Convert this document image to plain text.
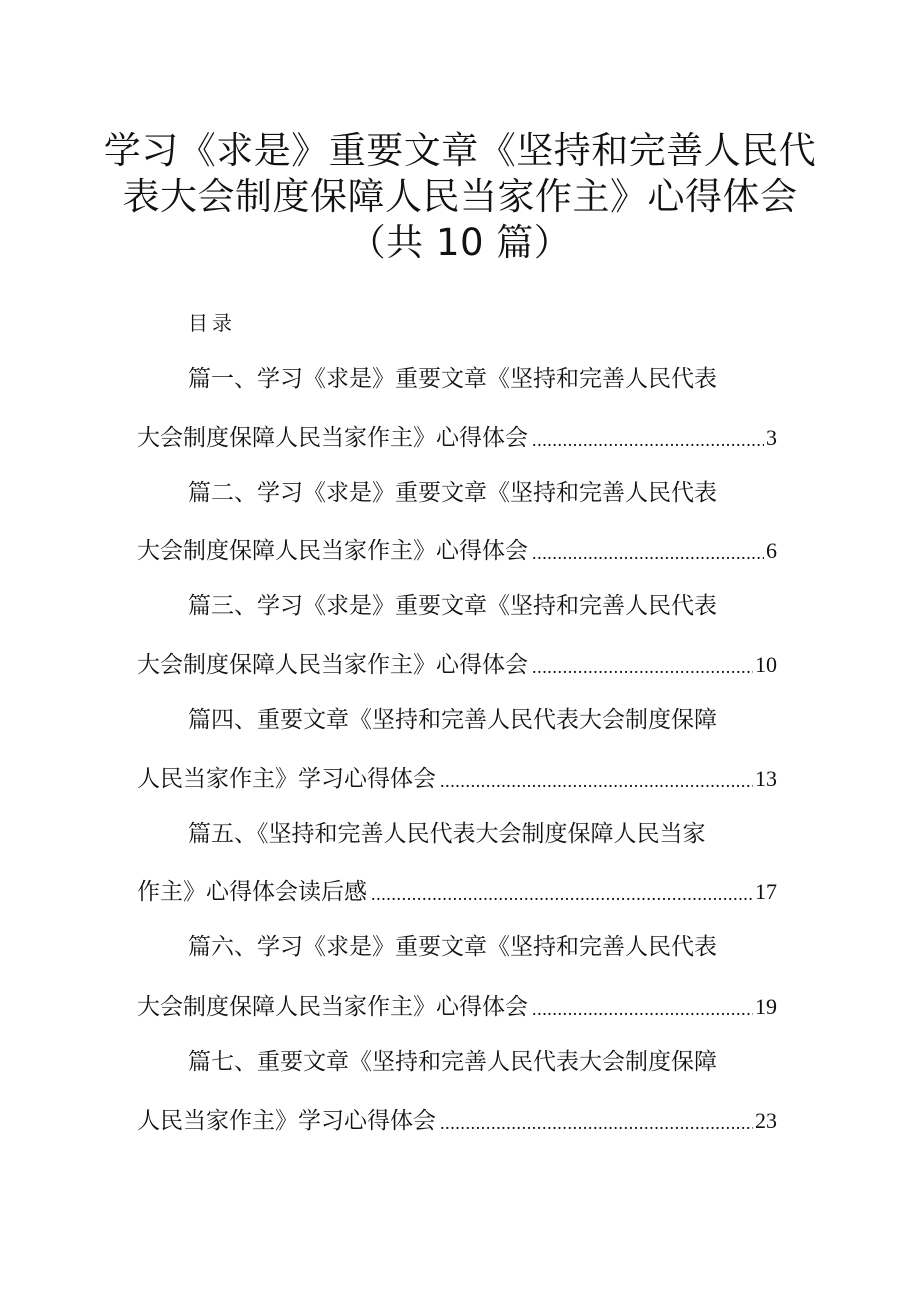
学习《求是》重要文章《坚持和完善人民代
表大会制度保障人民当家作主》心得体会
（共 10 篇）
目录
篇一、学习《求是》重要文章《坚持和完善人民代表
大会制度保障人民当家作主》心得体会 .....	3
篇二、学习《求是》重要文章《坚持和完善人民代表
大会制度保障人民当家作主》心得体会 .....	6
篇三、学习《求是》重要文章《坚持和完善人民代表
大会制度保障人民当家作主》心得体会 .....	10
篇四、重要文章《坚持和完善人民代表大会制度保障
人民当家作主》学习心得体会 .....	13
篇五、《坚持和完善人民代表大会制度保障人民当家
作主》心得体会读后感 .....	17
篇六、学习《求是》重要文章《坚持和完善人民代表
大会制度保障人民当家作主》心得体会 .....	19
篇七、重要文章《坚持和完善人民代表大会制度保障
人民当家作主》学习心得体会 .....	23
